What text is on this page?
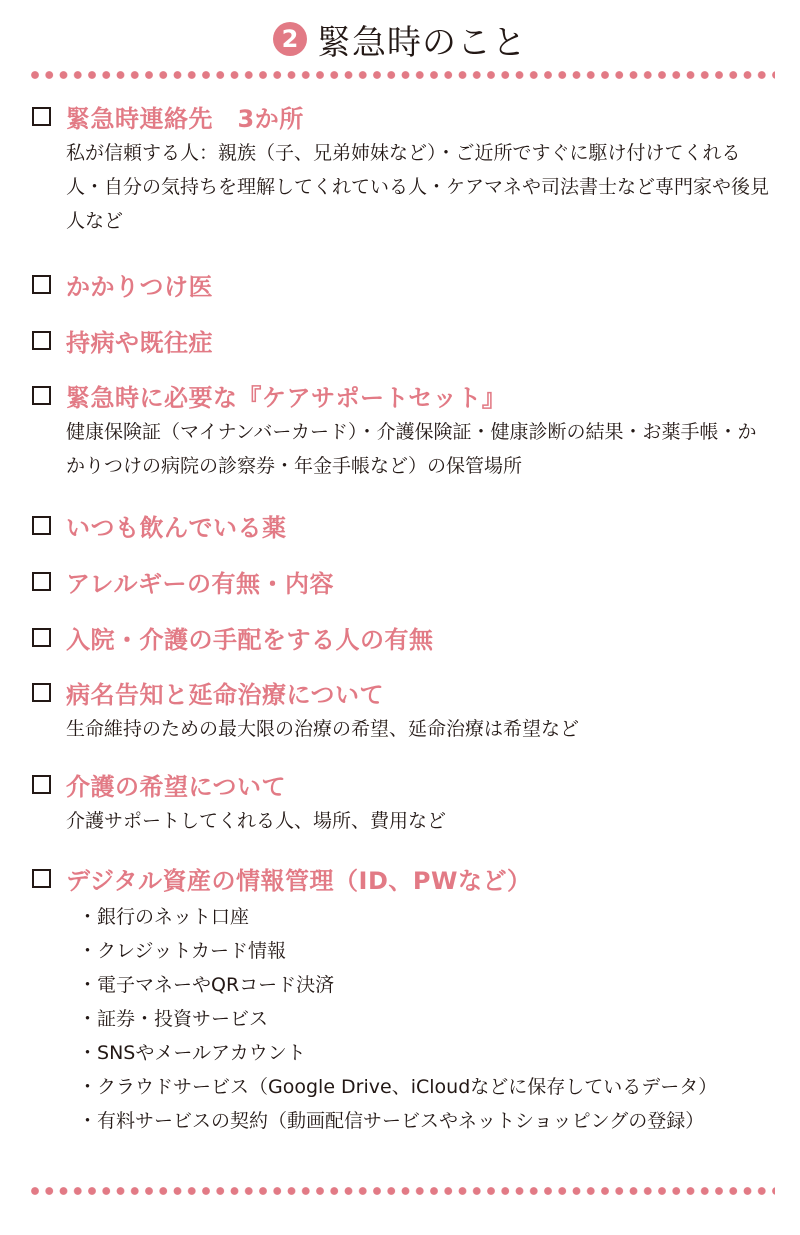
2 緊急時のこと
緊急時連絡先　3か所
私が信頼する人：親族（子、兄弟姉妹など）・ご近所ですぐに駆け付けてくれる人・自分の気持ちを理解してくれている人・ケアマネや司法書士など専門家や後見人など
かかりつけ医
持病や既往症
緊急時に必要な『ケアサポートセット』
健康保険証（マイナンバーカード）・介護保険証・健康診断の結果・お薬手帳・かかりつけの病院の診察券・年金手帳など）の保管場所
いつも飲んでいる薬
アレルギーの有無・内容
入院・介護の手配をする人の有無
病名告知と延命治療について
生命維持のための最大限の治療の希望、延命治療は希望など
介護の希望について
介護サポートしてくれる人、場所、費用など
デジタル資産の情報管理（ID、PWなど）
・ 銀行のネット口座
・ クレジットカード情報
・ 電子マネーやQRコード決済
・ 証券・投資サービス
・ SNSやメールアカウント
・ クラウドサービス（Google Drive、iCloudなどに保存しているデータ）
・ 有料サービスの契約（動画配信サービスやネットショッピングの登録）
